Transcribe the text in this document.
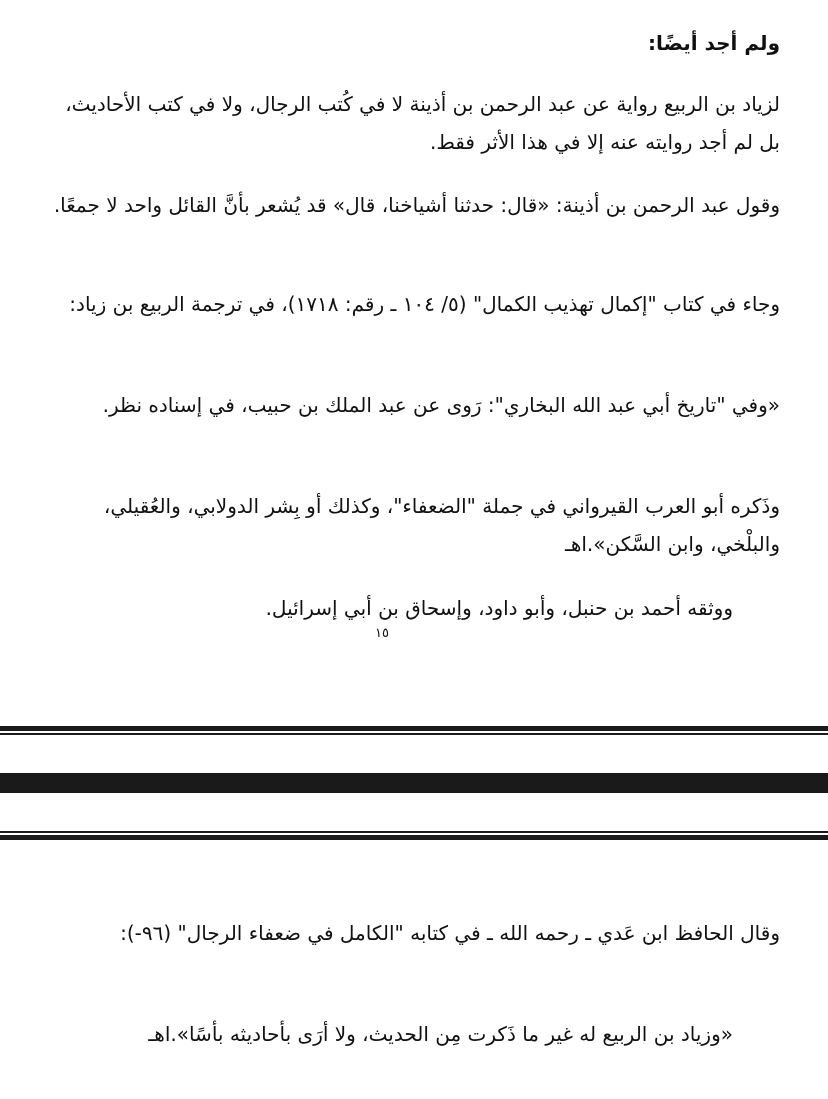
ولم أجد أيضًا:

لزياد بن الربيع رواية عن عبد الرحمن بن أذينة لا في كُتب الرجال، ولا في كتب الأحاديث، بل لم أجد روايته عنه إلا في هذا الأثر فقط.

وقول عبد الرحمن بن أذينة: «قال: حدثنا أشياخنا، قال» قد يُشعر بأنَّ القائل واحد لا جمعًا.

وجاء في كتاب "إكمال تهذيب الكمال" (٥/ ١٠٤ ـ رقم: ١٧١٨)، في ترجمة الربيع بن زياد:

«وفي "تاريخ أبي عبد الله البخاري": رَوى عن عبد الملك بن حبيب، في إسناده نظر.

وذَكره أبو العرب القيرواني في جملة "الضعفاء"، وكذلك أو بِشر الدولابي، والعُقيلي، والبلْخي، وابن السَّكن».اهـ

ووثقه أحمد بن حنبل، وأبو داود، وإسحاق بن أبي إسرائيل.

١٥

وقال الحافظ ابن عَدي ـ رحمه الله ـ في كتابه "الكامل في ضعفاء الرجال" (٩٦-):

«وزياد بن الربيع له غير ما ذَكرت مِن الحديث، ولا أرَى بأحاديثه بأسًا».اهـ
